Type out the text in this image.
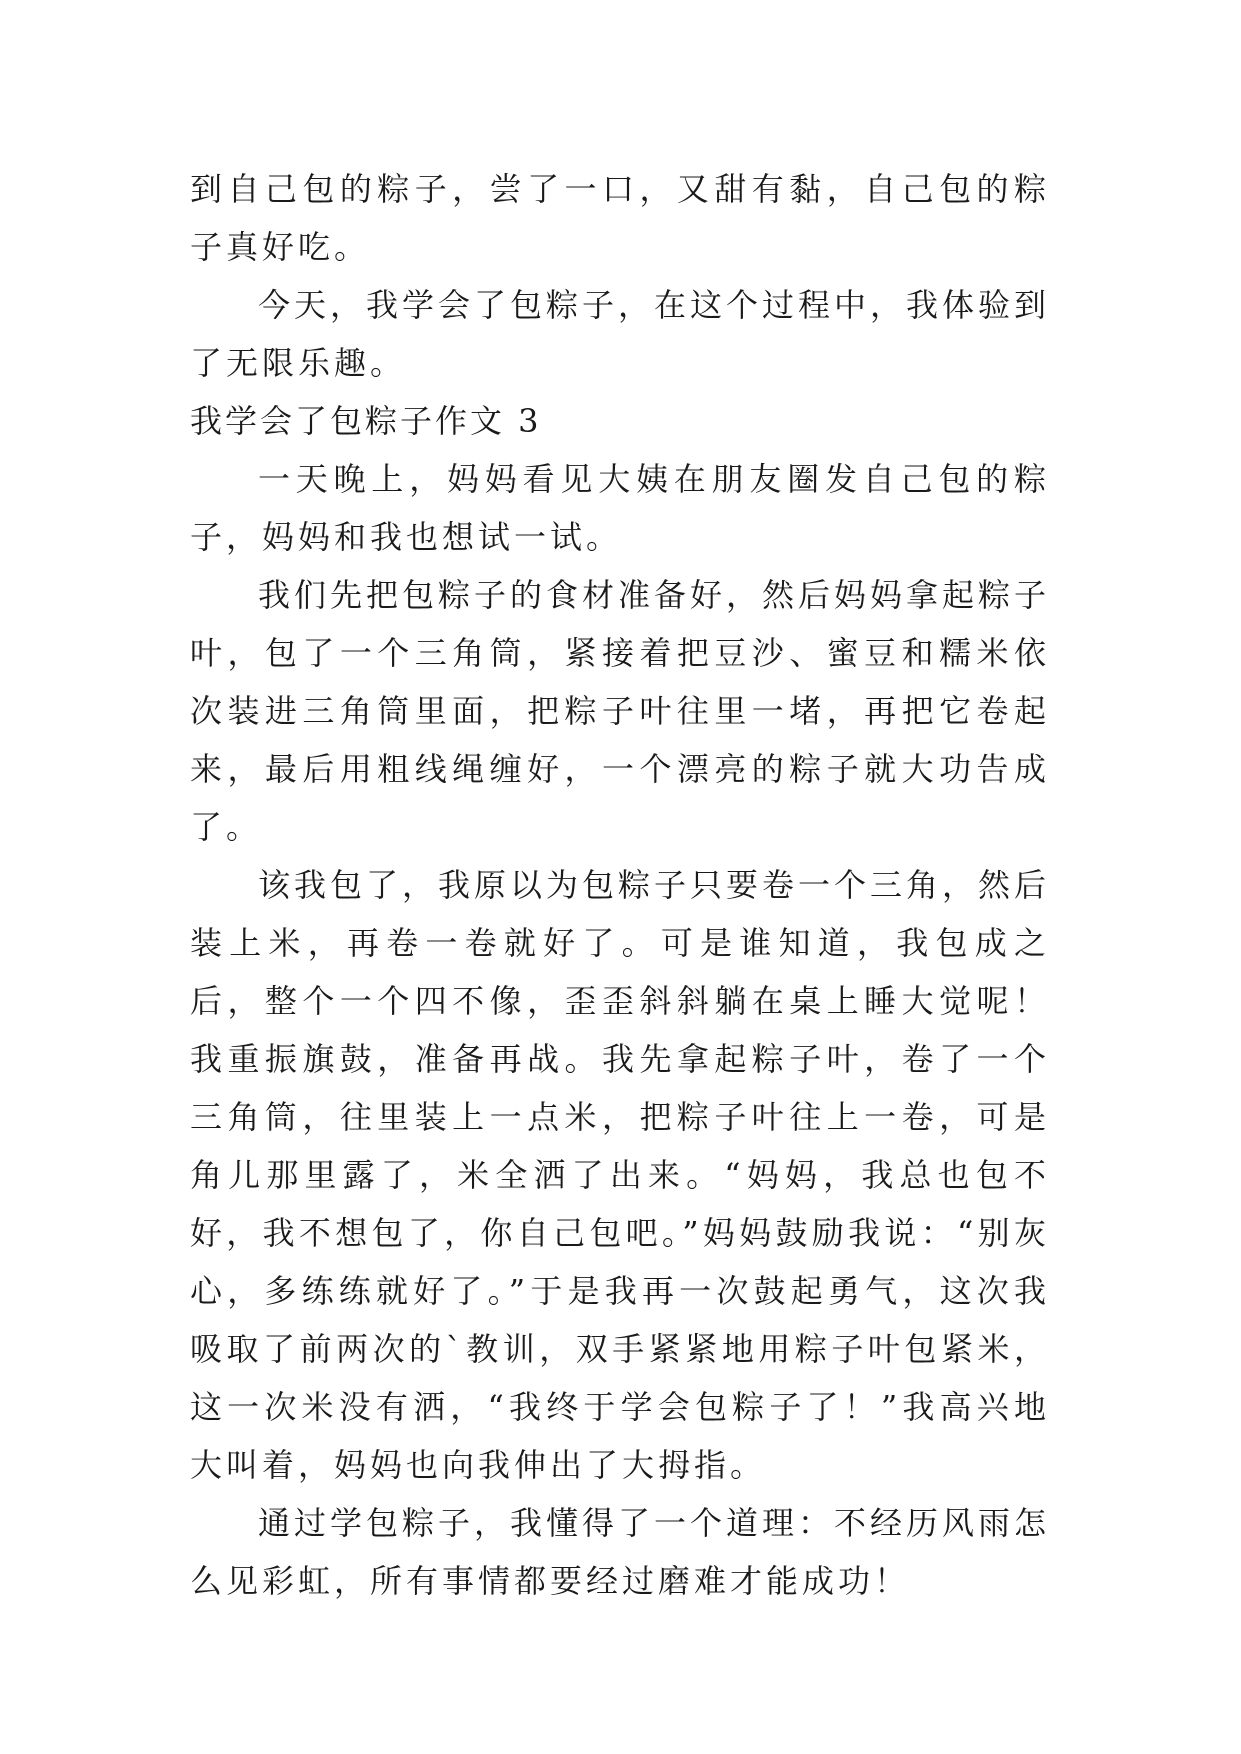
到自己包的粽子，尝了一口，又甜有黏，自己包的粽子真好吃。

今天，我学会了包粽子，在这个过程中，我体验到了无限乐趣。

我学会了包粽子作文 3

一天晚上，妈妈看见大姨在朋友圈发自己包的粽子，妈妈和我也想试一试。

我们先把包粽子的食材准备好，然后妈妈拿起粽子叶，包了一个三角筒，紧接着把豆沙、蜜豆和糯米依次装进三角筒里面，把粽子叶往里一堵，再把它卷起来，最后用粗线绳缠好，一个漂亮的粽子就大功告成了。

该我包了，我原以为包粽子只要卷一个三角，然后装上米，再卷一卷就好了。可是谁知道，我包成之后，整个一个四不像，歪歪斜斜躺在桌上睡大觉呢！我重振旗鼓，准备再战。我先拿起粽子叶，卷了一个三角筒，往里装上一点米，把粽子叶往上一卷，可是角儿那里露了，米全洒了出来。“妈妈，我总也包不好，我不想包了，你自己包吧。”妈妈鼓励我说：“别灰心，多练练就好了。”于是我再一次鼓起勇气，这次我吸取了前两次的`教训，双手紧紧地用粽子叶包紧米，这一次米没有洒，“我终于学会包粽子了！”我高兴地大叫着，妈妈也向我伸出了大拇指。

通过学包粽子，我懂得了一个道理：不经历风雨怎么见彩虹，所有事情都要经过磨难才能成功！
